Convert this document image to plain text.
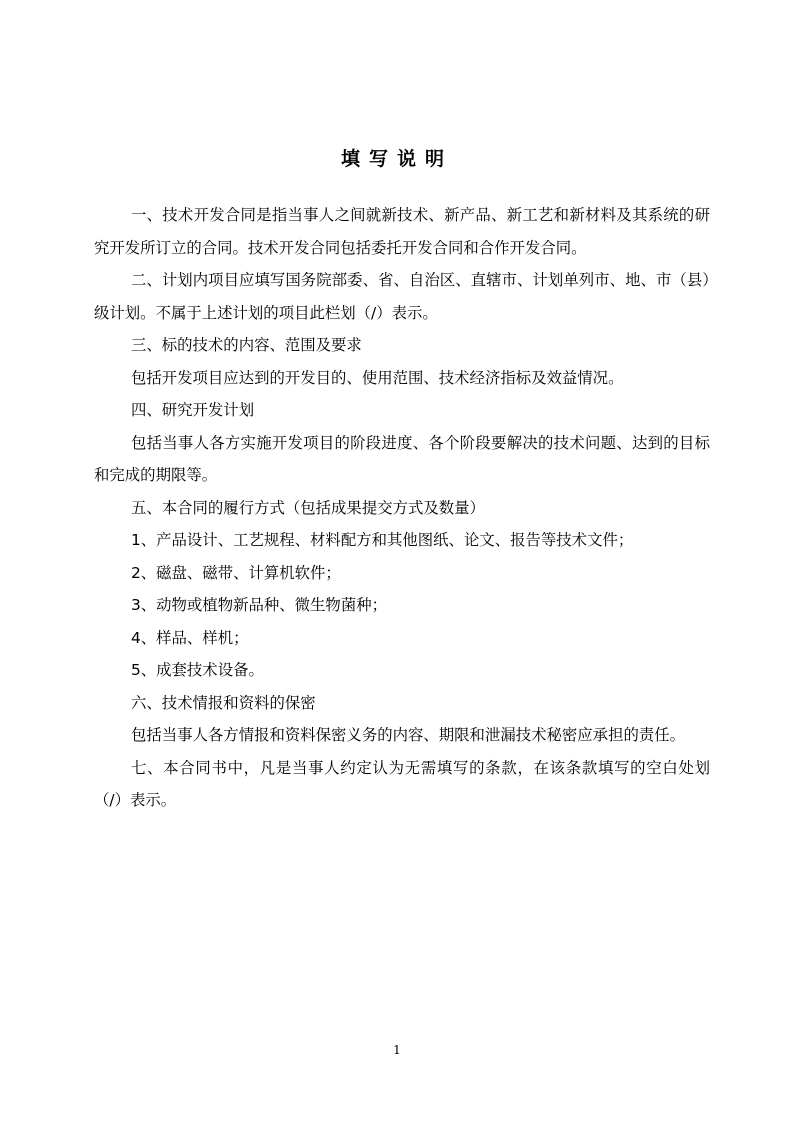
填写说明

一、技术开发合同是指当事人之间就新技术、新产品、新工艺和新材料及其系统的研究开发所订立的合同。技术开发合同包括委托开发合同和合作开发合同。

二、计划内项目应填写国务院部委、省、自治区、直辖市、计划单列市、地、市（县）级计划。不属于上述计划的项目此栏划（/）表示。

三、标的技术的内容、范围及要求

包括开发项目应达到的开发目的、使用范围、技术经济指标及效益情况。

四、研究开发计划

包括当事人各方实施开发项目的阶段进度、各个阶段要解决的技术问题、达到的目标和完成的期限等。

五、本合同的履行方式（包括成果提交方式及数量）

1、产品设计、工艺规程、材料配方和其他图纸、论文、报告等技术文件；

2、磁盘、磁带、计算机软件；

3、动物或植物新品种、微生物菌种；

4、样品、样机；

5、成套技术设备。

六、技术情报和资料的保密

包括当事人各方情报和资料保密义务的内容、期限和泄漏技术秘密应承担的责任。

七、本合同书中，凡是当事人约定认为无需填写的条款，在该条款填写的空白处划（/）表示。

1
